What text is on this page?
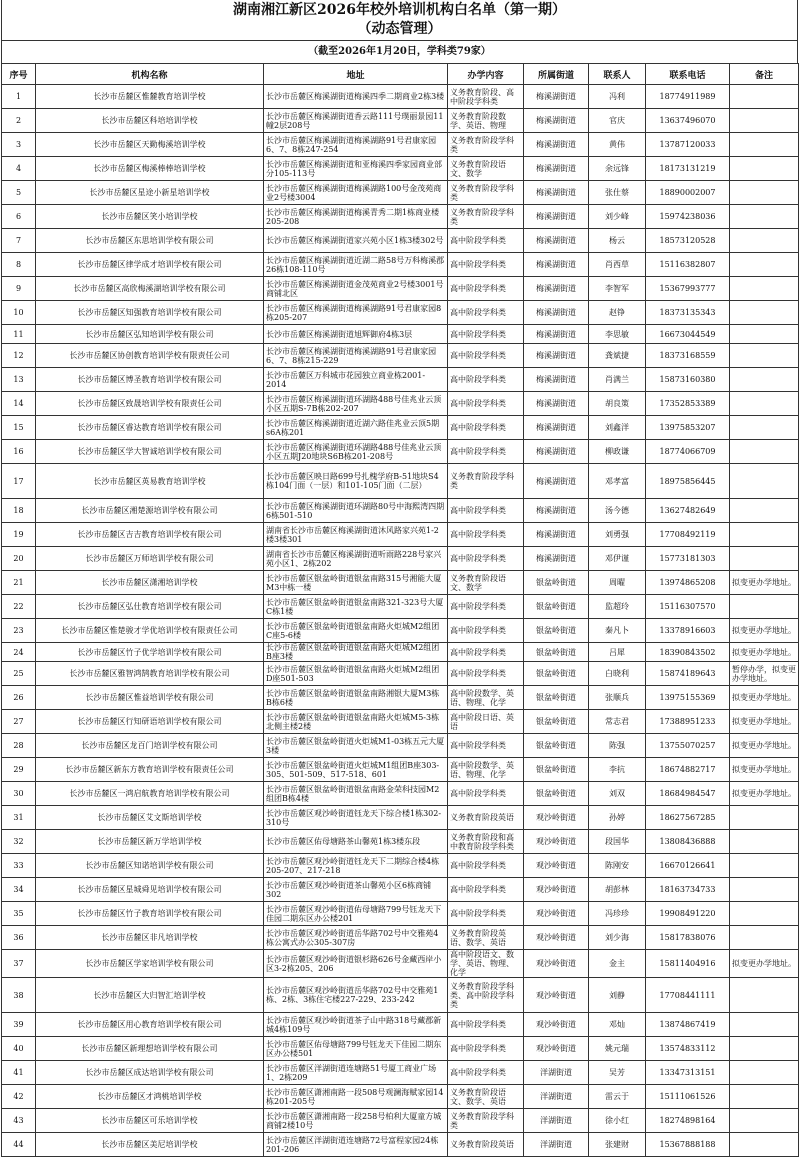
湖南湘江新区2026年校外培训机构白名单（第一期）
（动态管理）
（截至2026年1月20日，学科类79家）
序号	机构名称	地址	办学内容	所属街道	联系人	联系电话	备注
1	长沙市岳麓区惟麓教育培训学校	长沙市岳麓区梅溪湖街道梅溪四季二期商业2栋3楼	义务教育阶段、高中阶段学科类	梅溪湖街道	冯利	18774911989	
2	长沙市岳麓区科培培训学校	长沙市岳麓区梅溪湖街道香云路111号璞丽景园11幢2层208号	义务教育阶段数学、英语、物理	梅溪湖街道	官庆	13637496070	
3	长沙市岳麓区天勤梅溪培训学校	长沙市岳麓区梅溪湖街道梅溪湖路91号君康家园6、7、8栋247-254	义务教育阶段学科类	梅溪湖街道	黄伟	13787120033	
4	长沙市岳麓区梅溪棒棒培训学校	长沙市岳麓区梅溪湖街道和亚梅溪四季家园商业部分105-113号	义务教育阶段语文、数学	梅溪湖街道	余远锋	18173131219	
5	长沙市岳麓区星途小新星培训学校	长沙市岳麓区梅溪湖街道梅溪湖路100号金茂苑商业2号楼3004	义务教育阶段学科类	梅溪湖街道	张仕蔡	18890002007	
6	长沙市岳麓区笑小培训学校	长沙市岳麓区梅溪湖街道梅溪青秀二期1栋商业楼205-208	义务教育阶段学科类	梅溪湖街道	刘少峰	15974238036	
7	长沙市岳麓区东思培训学校有限公司	长沙市岳麓区梅溪湖街道家兴苑小区1栋3楼302号	高中阶段学科类	梅溪湖街道	杨云	18573120528	
8	长沙市岳麓区律学成才培训学校有限公司	长沙市岳麓区梅溪湖街道近湖二路58号万科梅溪郡26栋108-110号	高中阶段学科类	梅溪湖街道	肖西草	15116382807	
9	长沙市岳麓区高欣梅溪湖培训学校有限公司	长沙市岳麓区梅溪湖街道金茂苑商业2号楼3001号商铺北区	高中阶段学科类	梅溪湖街道	李智军	15367993777	
10	长沙市岳麓区知强教育培训学校有限公司	长沙市岳麓区梅溪湖街道梅溪湖路91号君康家园8栋205-207	高中阶段学科类	梅溪湖街道	赵铮	18373135343	
11	长沙市岳麓区弘知培训学校有限公司	长沙市岳麓区梅溪湖街道旭辉御府4栋3层	高中阶段学科类	梅溪湖街道	李思敏	16673044549	
12	长沙市岳麓区协创教育培训学校有限责任公司	长沙市岳麓区梅溪湖街道梅溪湖路91号君康家园6、7、8栋215-229	高中阶段学科类	梅溪湖街道	龚斌捷	18373168559	
13	长沙市岳麓区博圣教育培训学校有限公司	长沙市岳麓区万科城市花园独立商业栋2001-2014	高中阶段学科类	梅溪湖街道	肖满兰	15873160380	
14	长沙市岳麓区致晟培训学校有限责任公司	长沙市岳麓区梅溪湖街道环湖路488号佳兆业云顶小区五期S-7B栋202-207	高中阶段学科类	梅溪湖街道	胡良策	17352853389	
15	长沙市岳麓区睿达教育培训学校有限公司	长沙市岳麓区梅溪湖街道近湖六路佳兆业云顶5期s6A栋201	高中阶段学科类	梅溪湖街道	刘鑫洋	13975853207	
16	长沙市岳麓区学大智诚培训学校有限公司	长沙市岳麓区梅溪湖街道环湖路488号佳兆业云顶小区五期J20地块S6B栋201-208号	高中阶段学科类	梅溪湖街道	柳政谦	18774066709	
17	长沙市岳麓区英易教育培训学校	长沙市岳麓区映日路699号扎槐学府B-51地块S4栋104门面（一层）和101-105门面（二层）	义务教育阶段学科类	梅溪湖街道	邓孝富	18975856445	
18	长沙市岳麓区湘楚源培训学校有限公司	长沙市岳麓区梅溪湖街道环湖路80号中海熙湾四期6栋501-510	高中阶段学科类	梅溪湖街道	汤今德	13627482649	
19	长沙市岳麓区吉吉教育培训学校有限公司	湖南省长沙市岳麓区梅溪湖街道沐风路家兴苑1-2楼3楼301	高中阶段学科类	梅溪湖街道	刘勇强	17708492119	
20	长沙市岳麓区万师培训学校有限公司	湖南省长沙市岳麓区梅溪湖街道听雨路228号家兴苑小区1、2栋202	高中阶段学科类	梅溪湖街道	邓伊谨	15773181303	
21	长沙市岳麓区潇湘培训学校	长沙市岳麓区银盆岭街道银盆南路315号湘能大厦M3中栋一楼	义务教育阶段语文、数学	银盆岭街道	周曜	13974865208	拟变更办学地址。
22	长沙市岳麓区弘仕教育培训学校有限公司	长沙市岳麓区银盆岭街道银盆南路321-323号大厦C栋1楼	高中阶段学科类	银盆岭街道	监超玲	15116307570	
23	长沙市岳麓区惟楚骏才学优培训学校有限责任公司	长沙市岳麓区银盆岭街道银盆南路火炬城M2组团C座5-6楼	高中阶段学科类	银盆岭街道	秦凡卜	13378916603	拟变更办学地址。
24	长沙市岳麓区竹子优学培训学校有限公司	长沙市岳麓区银盆岭街道银盆南路火炬城M2组团B座3楼	高中阶段学科类	银盆岭街道	吕犀	18390843502	拟变更办学地址。
25	长沙市岳麓区雅智鸿鹄教育培训学校有限公司	长沙市岳麓区银盆岭街道银盆南路火炬城M2组团D座501-503	高中阶段学科类	银盆岭街道	白晓利	15874189643	暂停办学，拟变更办学地址。
26	长沙市岳麓区惟益培训学校有限公司	长沙市岳麓区银盆岭街道银盆南路湘银大厦M3栋B栋6楼	高中阶段数学、英语、物理、化学	银盆岭街道	张顺兵	13975155369	拟变更办学地址。
27	长沙市岳麓区行知研语培训学校有限公司	长沙市岳麓区银盆岭街道银盆南路火炬城M5-3栋北侧主楼2楼	高中阶段日语、英语	银盆岭街道	常志君	17388951233	拟变更办学地址。
28	长沙市岳麓区龙百门培训学校有限公司	长沙市岳麓区银盆岭街道火炬城M1-03栋五元大厦3楼	高中阶段学科类	银盆岭街道	陈强	13755070257	拟变更办学地址。
29	长沙市岳麓区新东方教育培训学校有限责任公司	长沙市岳麓区银盆岭街道火炬城M1组团B座303-305、501-509、517-518、601	高中阶段数学、英语、物理、化学	银盆岭街道	李抗	18674882717	拟变更办学地址。
30	长沙市岳麓区一鸿启航教育培训学校有限公司	长沙市岳麓区银盆岭街道银盆南路金荣科技园M2组团B栋4楼	高中阶段学科类	银盆岭街道	刘双	18684984547	拟变更办学地址。
31	长沙市岳麓区艾文斯培训学校	长沙市岳麓区观沙岭街道钰龙天下综合楼1栋302-310号	义务教育阶段英语	观沙岭街道	孙婷	18627567285	
32	长沙市岳麓区新万学培训学校	长沙市岳麓区佑母塘路茶山馨苑1栋3楼东段	义务教育阶段和高中教育阶段学科类	观沙岭街道	段国华	13808436888	
33	长沙市岳麓区知诺培训学校有限公司	长沙市岳麓区观沙岭街道钰龙天下二期综合楼4栋205-207、217-218	高中阶段学科类	观沙岭街道	陈刚安	16670126641	
34	长沙市岳麓区星城舜见培训学校有限公司	长沙市岳麓区观沙岭街道茶山馨苑小区6栋商铺302	高中阶段学科类	观沙岭街道	胡彭林	18163734733	
35	长沙市岳麓区竹子教育培训学校有限公司	长沙市岳麓区观沙岭街道佑母塘路799号钰龙天下佳园二期东区办公楼201	高中阶段学科类	观沙岭街道	冯珍珍	19908491220	
36	长沙市岳麓区非凡培训学校	长沙市岳麓区观沙岭街道岳华路702号中交雅苑4栋公寓式办公305-307房	义务教育阶段英语、数学、英语	观沙岭街道	刘少海	15817838076	
37	长沙市岳麓区学家培训学校有限公司	长沙市岳麓区观沙岭街道银杉路626号金藏西岸小区3-2栋205、206	高中阶段语文、数学、英语、物理、化学	观沙岭街道	金主	15811404916	拟变更办学地址。
38	长沙市岳麓区大归智汇培训学校	长沙市岳麓区观沙岭街道岳华路702号中交雅苑1栋、2栋、3栋住宅楼227-229、233-242	义务教育阶段学科类、高中阶段学科类	观沙岭街道	刘静	17708441111	
39	长沙市岳麓区用心教育培训学校有限公司	长沙市岳麓区观沙岭街道茶子山中路318号藏郡新城4栋109号	高中阶段学科类	观沙岭街道	邓灿	13874867419	
40	长沙市岳麓区新理想培训学校有限公司	长沙市岳麓区佑母塘路799号钰龙天下佳园二期东区办公楼501	高中阶段学科类	观沙岭街道	姚元瑞	13574833112	
41	长沙市岳麓区成达培训学校有限公司	长沙市岳麓区洋湖街道连塘路51号厦工商业广场1、2栋209	高中阶段学科类	洋湖街道	吴芳	13347313151	
42	长沙市岳麓区才鸿桃培训学校	长沙市岳麓区潇湘南路一段508号观澜海赋家园14栋201-205号	义务教育阶段语文、数学、英语	洋湖街道	雷云于	15111061526	
43	长沙市岳麓区可乐培训学校	长沙市岳麓区潇湘南路一段258号柏利大厦童方城商铺2楼10号	义务教育阶段学科类	洋湖街道	徐小红	18274898164	
44	长沙市岳麓区美尼培训学校	长沙市岳麓区洋湖街道连塘路72号富程家园24栋201-206	义务教育阶段英语	洋湖街道	张建财	15367888188	
